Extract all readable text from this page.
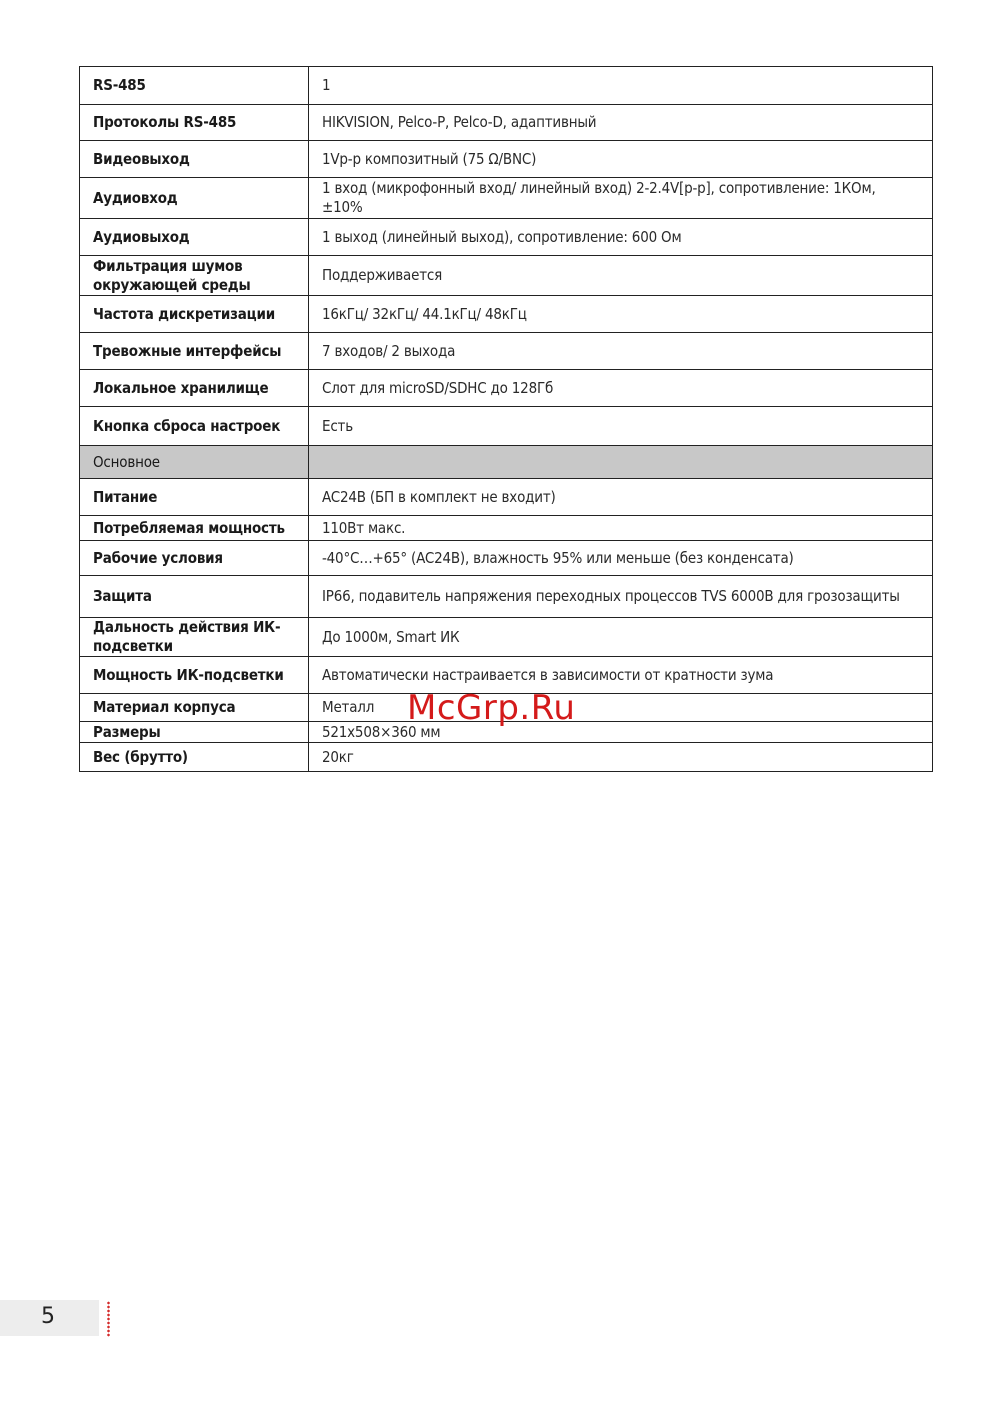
RS-485	1
Протоколы RS-485	HIKVISION, Pelco-P, Pelco-D, адаптивный
Видеовыход	1Vp-p композитный (75 Ω/BNC)
Аудиовход	1 вход (микрофонный вход/ линейный вход) 2-2.4V[p-p], сопротивление: 1КОм, ±10%
Аудиовыход	1 выход (линейный выход), сопротивление: 600 Ом
Фильтрация шумов окружающей среды	Поддерживается
Частота дискретизации	16кГц/ 32кГц/ 44.1кГц/ 48кГц
Тревожные интерфейсы	7 входов/ 2 выхода
Локальное хранилище	Слот для microSD/SDHC до 128Гб
Кнопка сброса настроек	Есть
Основное	
Питание	AC24В (БП в комплект не входит)
Потребляемая мощность	110Вт макс.
Рабочие условия	-40°C…+65° (AC24В), влажность 95% или меньше (без конденсата)
Защита	IP66, подавитель напряжения переходных процессов TVS 6000В для грозозащиты
Дальность действия ИК-подсветки	До 1000м, Smart ИК
Мощность ИК-подсветки	Автоматически настраивается в зависимости от кратности зума
Материал корпуса	Металл
Размеры	521x508×360 мм
Вес (брутто)	20кг
McGrp.Ru
5
